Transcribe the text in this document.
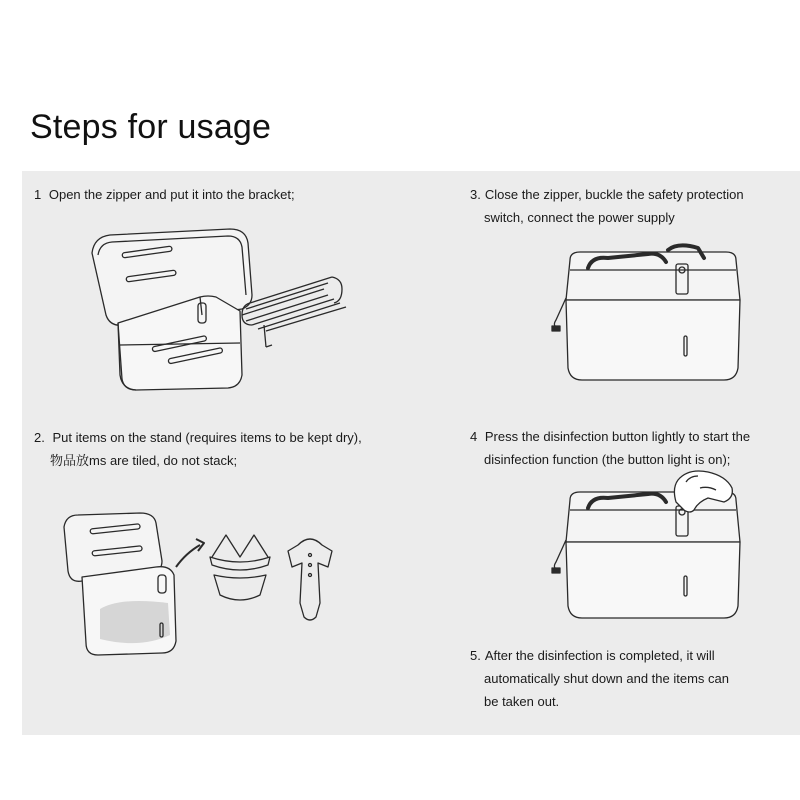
Steps for usage
1 Open the zipper and put it into the bracket;
2. Put items on the stand (requires items to be kept dry),
物品放ms are tiled, do not stack;
3. Close the zipper, buckle the safety protection
switch, connect the power supply
4 Press the disinfection button lightly to start the
disinfection function (the button light is on);
5. After the disinfection is completed, it will
automatically shut down and the items can
be taken out.
